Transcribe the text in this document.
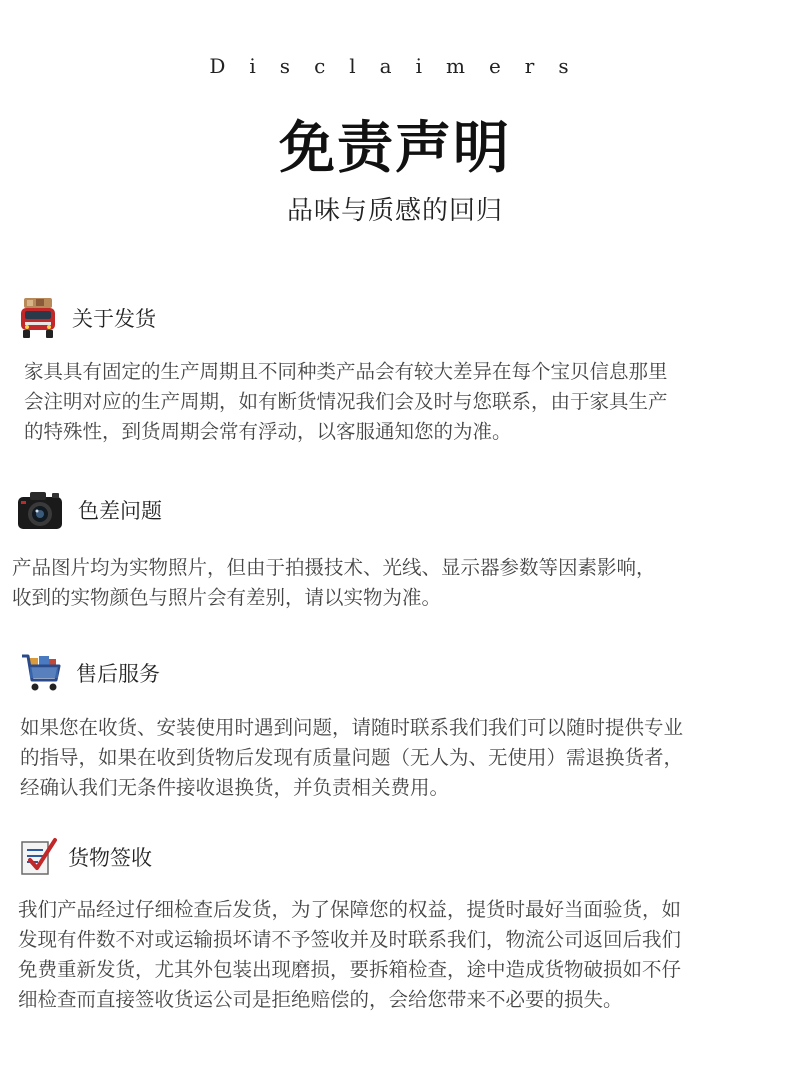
Disclaimers
免责声明
品味与质感的回归
关于发货

家具具有固定的生产周期且不同种类产品会有较大差异在每个宝贝信息那里
会注明对应的生产周期，如有断货情况我们会及时与您联系，由于家具生产
的特殊性，到货周期会常有浮动，以客服通知您的为准。

色差问题

产品图片均为实物照片，但由于拍摄技术、光线、显示器参数等因素影响，
收到的实物颜色与照片会有差别，请以实物为准。

售后服务

如果您在收货、安装使用时遇到问题，请随时联系我们我们可以随时提供专业
的指导，如果在收到货物后发现有质量问题（无人为、无使用）需退换货者，
经确认我们无条件接收退换货，并负责相关费用。

货物签收

我们产品经过仔细检查后发货，为了保障您的权益，提货时最好当面验货，如
发现有件数不对或运输损坏请不予签收并及时联系我们，物流公司返回后我们
免费重新发货，尤其外包装出现磨损，要拆箱检查，途中造成货物破损如不仔
细检查而直接签收货运公司是拒绝赔偿的，会给您带来不必要的损失。
